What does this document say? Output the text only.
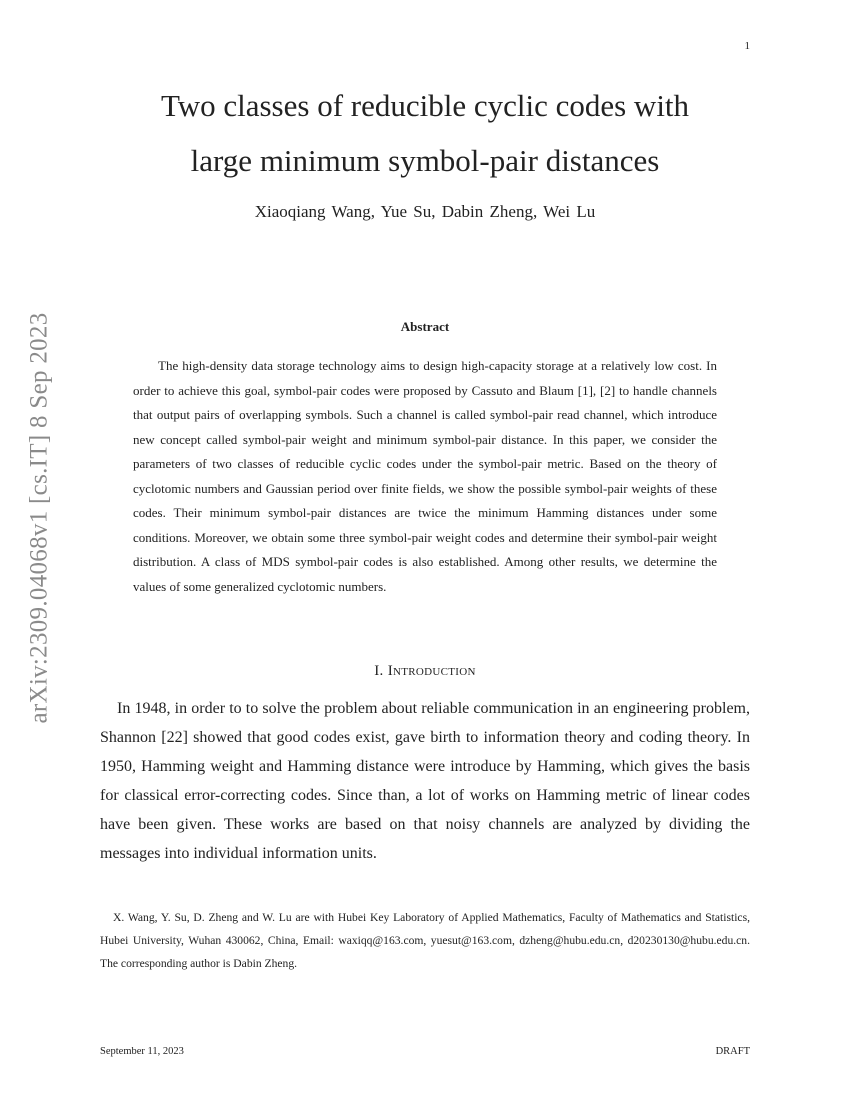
1
arXiv:2309.04068v1 [cs.IT] 8 Sep 2023
Two classes of reducible cyclic codes with
large minimum symbol-pair distances
Xiaoqiang Wang, Yue Su, Dabin Zheng, Wei Lu
Abstract

The high-density data storage technology aims to design high-capacity storage at a relatively low cost. In order to achieve this goal, symbol-pair codes were proposed by Cassuto and Blaum [1], [2] to handle channels that output pairs of overlapping symbols. Such a channel is called symbol-pair read channel, which introduce new concept called symbol-pair weight and minimum symbol-pair distance. In this paper, we consider the parameters of two classes of reducible cyclic codes under the symbol-pair metric. Based on the theory of cyclotomic numbers and Gaussian period over finite fields, we show the possible symbol-pair weights of these codes. Their minimum symbol-pair distances are twice the minimum Hamming distances under some conditions. Moreover, we obtain some three symbol-pair weight codes and determine their symbol-pair weight distribution. A class of MDS symbol-pair codes is also established. Among other results, we determine the values of some generalized cyclotomic numbers.

I. Introduction

In 1948, in order to to solve the problem about reliable communication in an engineering problem, Shannon [22] showed that good codes exist, gave birth to information theory and coding theory. In 1950, Hamming weight and Hamming distance were introduce by Hamming, which gives the basis for classical error-correcting codes. Since than, a lot of works on Hamming metric of linear codes have been given. These works are based on that noisy channels are analyzed by dividing the messages into individual information units.

X. Wang, Y. Su, D. Zheng and W. Lu are with Hubei Key Laboratory of Applied Mathematics, Faculty of Mathematics and Statistics, Hubei University, Wuhan 430062, China, Email: waxiqq@163.com, yuesut@163.com, dzheng@hubu.edu.cn, d20230130@hubu.edu.cn. The corresponding author is Dabin Zheng.

September 11, 2023	DRAFT
